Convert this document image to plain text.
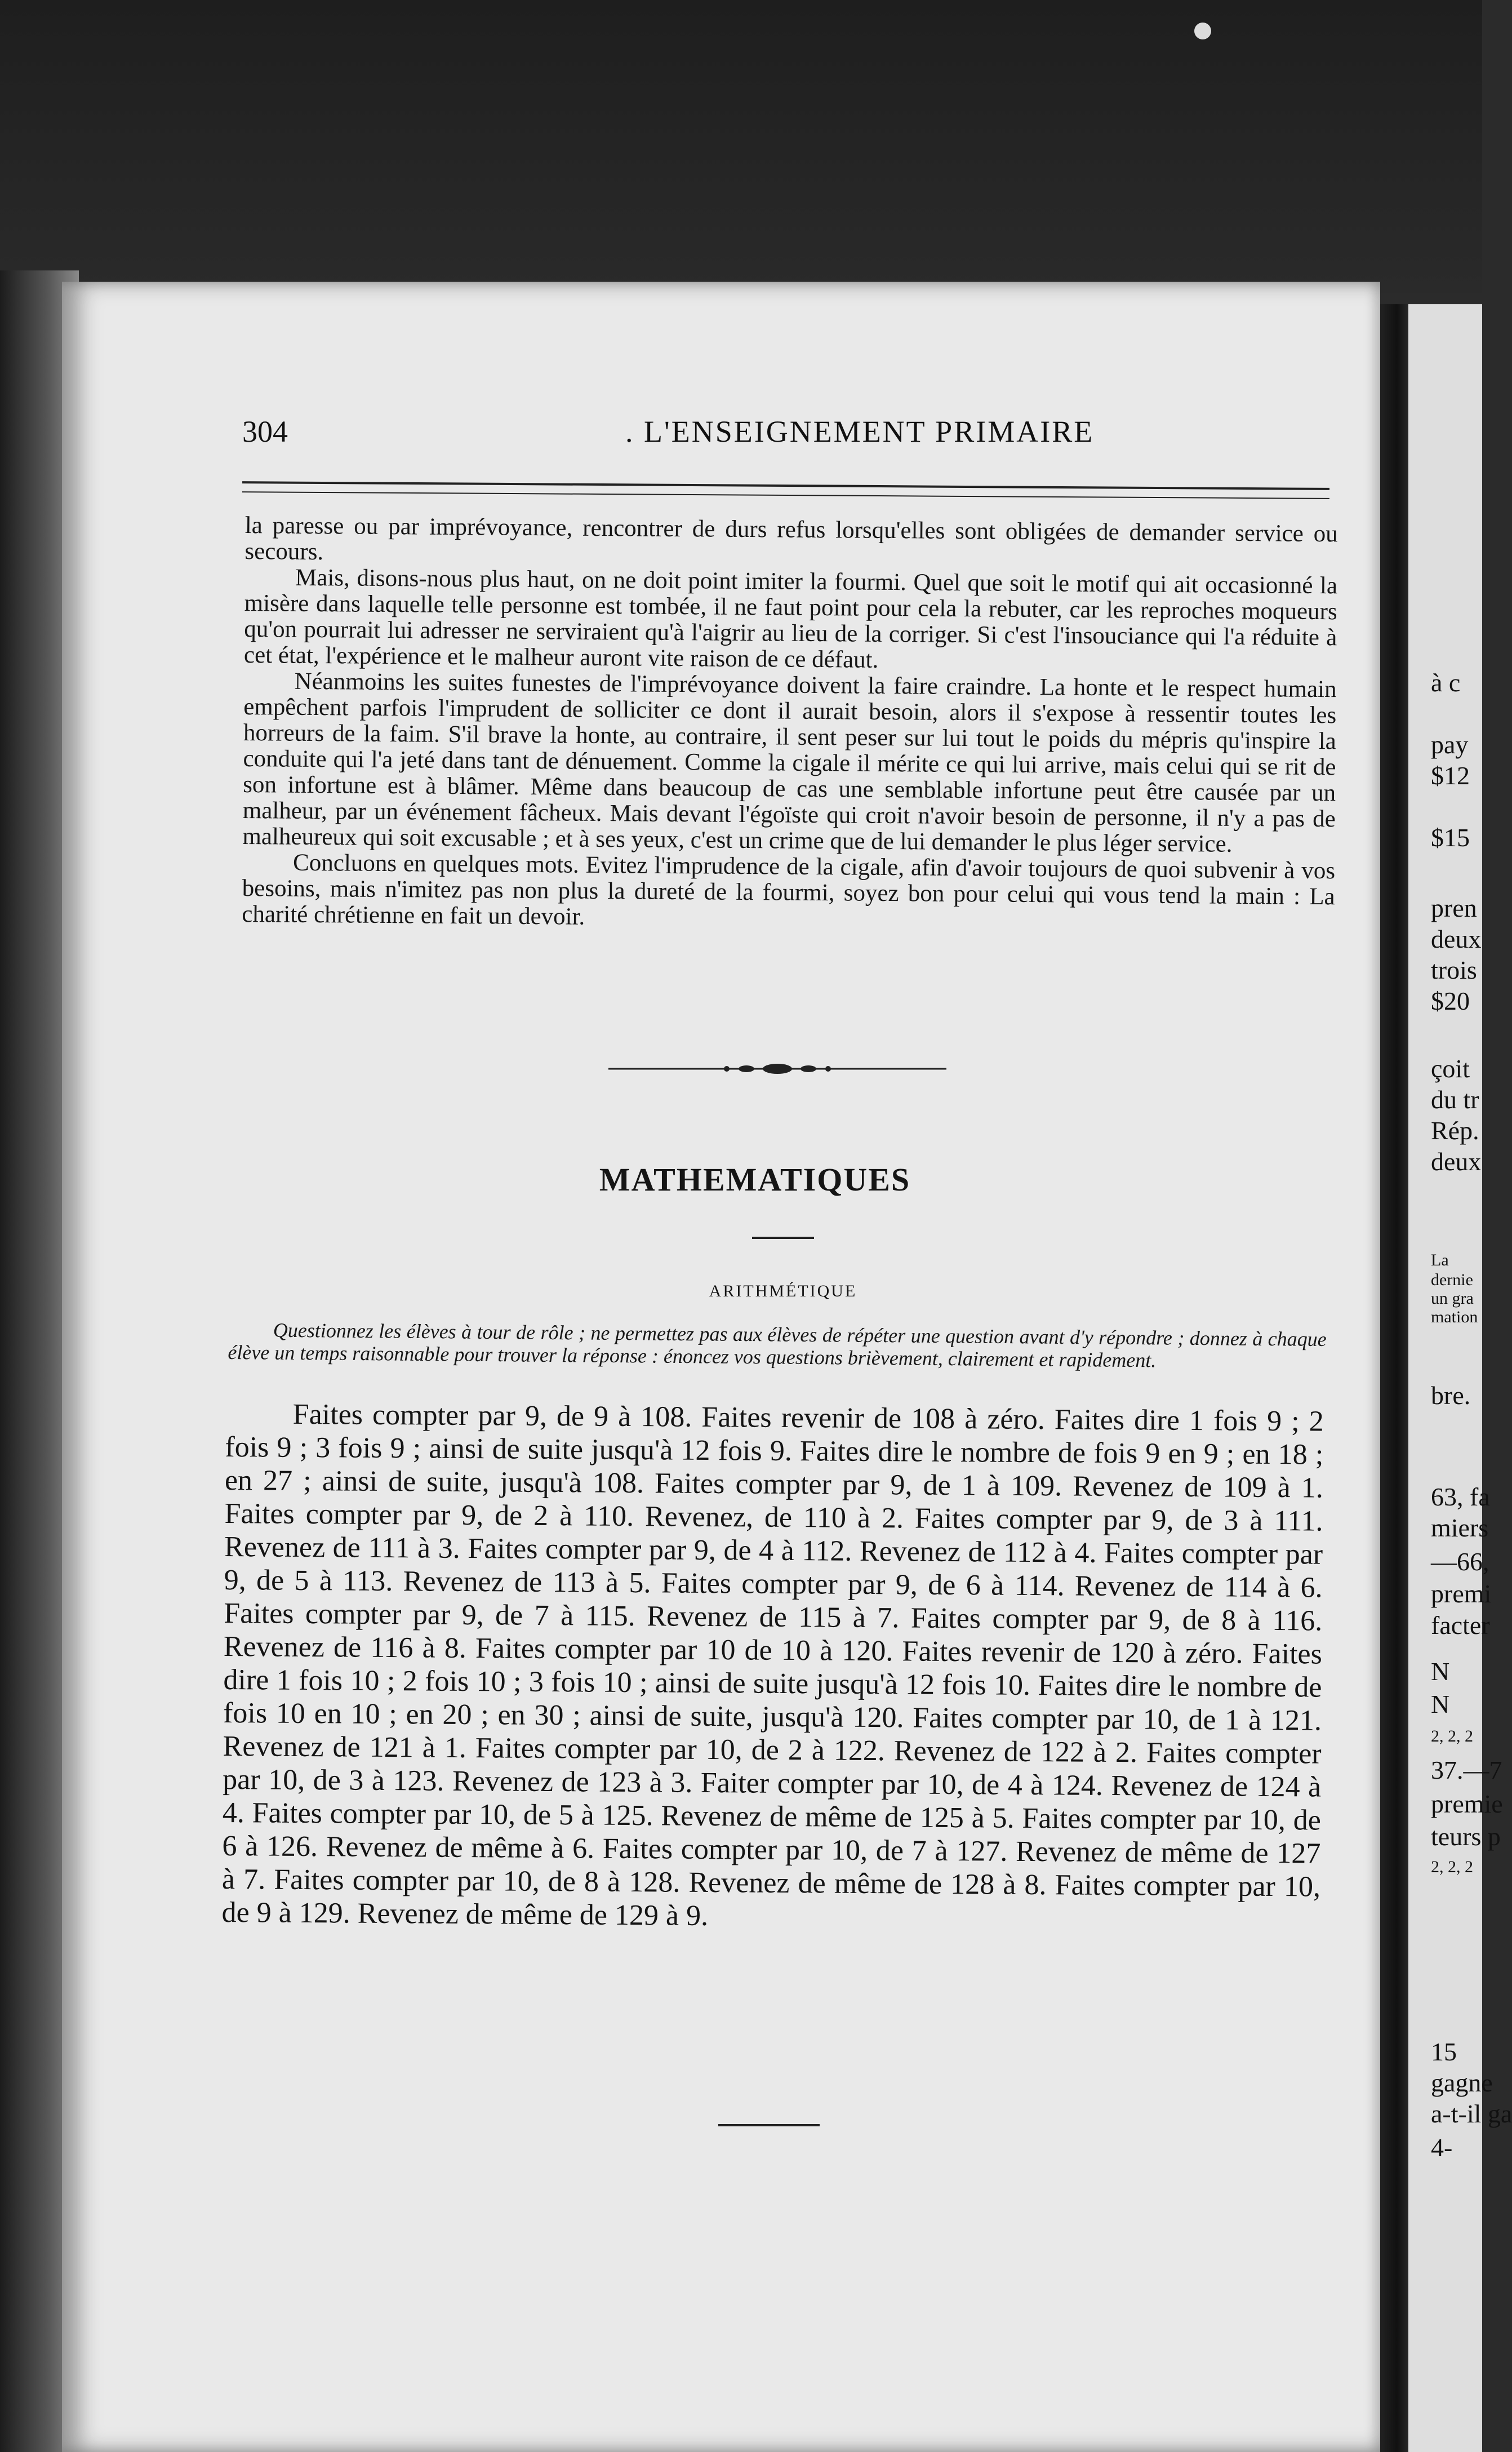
304	. L'ENSEIGNEMENT PRIMAIRE

la paresse ou par imprévoyance, rencontrer de durs refus lorsqu'elles sont obligées de demander service ou secours.

Mais, disons-nous plus haut, on ne doit point imiter la fourmi. Quel que soit le motif qui ait occasionné la misère dans laquelle telle personne est tombée, il ne faut point pour cela la rebuter, car les reproches moqueurs qu'on pourrait lui adresser ne serviraient qu'à l'aigrir au lieu de la corriger. Si c'est l'insouciance qui l'a réduite à cet état, l'expérience et le malheur auront vite raison de ce défaut.

Néanmoins les suites funestes de l'imprévoyance doivent la faire craindre. La honte et le respect humain empêchent parfois l'imprudent de solliciter ce dont il aurait besoin, alors il s'expose à ressentir toutes les horreurs de la faim. S'il brave la honte, au contraire, il sent peser sur lui tout le poids du mépris qu'inspire la conduite qui l'a jeté dans tant de dénuement. Comme la cigale il mérite ce qui lui arrive, mais celui qui se rit de son infortune est à blâmer. Même dans beaucoup de cas une semblable infortune peut être causée par un malheur, par un événement fâcheux. Mais devant l'égoïste qui croit n'avoir besoin de personne, il n'y a pas de malheureux qui soit excusable ; et à ses yeux, c'est un crime que de lui demander le plus léger service.

Concluons en quelques mots. Evitez l'imprudence de la cigale, afin d'avoir toujours de quoi subvenir à vos besoins, mais n'imitez pas non plus la dureté de la fourmi, soyez bon pour celui qui vous tend la main : La charité chrétienne en fait un devoir.

MATHEMATIQUES
ARITHMÉTIQUE

Questionnez les élèves à tour de rôle ; ne permettez pas aux élèves de répéter une question avant d'y répondre ; donnez à chaque élève un temps raisonnable pour trouver la réponse : énoncez vos questions brièvement, clairement et rapidement.

Faites compter par 9, de 9 à 108. Faites revenir de 108 à zéro. Faites dire 1 fois 9 ; 2 fois 9 ; 3 fois 9 ; ainsi de suite jusqu'à 12 fois 9. Faites dire le nombre de fois 9 en 9 ; en 18 ; en 27 ; ainsi de suite, jusqu'à 108. Faites compter par 9, de 1 à 109. Revenez de 109 à 1. Faites compter par 9, de 2 à 110. Revenez, de 110 à 2. Faites compter par 9, de 3 à 111. Revenez de 111 à 3. Faites compter par 9, de 4 à 112. Revenez de 112 à 4. Faites compter par 9, de 5 à 113. Revenez de 113 à 5. Faites compter par 9, de 6 à 114. Revenez de 114 à 6. Faites compter par 9, de 7 à 115. Revenez de 115 à 7. Faites compter par 9, de 8 à 116. Revenez de 116 à 8. Faites compter par 10 de 10 à 120. Faites revenir de 120 à zéro. Faites dire 1 fois 10 ; 2 fois 10 ; 3 fois 10 ; ainsi de suite jusqu'à 12 fois 10. Faites dire le nombre de fois 10 en 10 ; en 20 ; en 30 ; ainsi de suite, jusqu'à 120. Faites compter par 10, de 1 à 121. Revenez de 121 à 1. Faites compter par 10, de 2 à 122. Revenez de 122 à 2. Faites compter par 10, de 3 à 123. Revenez de 123 à 3. Faiter compter par 10, de 4 à 124. Revenez de 124 à 4. Faites compter par 10, de 5 à 125. Revenez de même de 125 à 5. Faites compter par 10, de 6 à 126. Revenez de même à 6. Faites compter par 10, de 7 à 127. Revenez de même de 127 à 7. Faites compter par 10, de 8 à 128. Revenez de même de 128 à 8. Faites compter par 10, de 9 à 129. Revenez de même de 129 à 9.

à c
pay
$12
$15
pren
deux
trois
$20
çoit
du tr
Rép.
deux
La
dernie
un gra
mation
bre.
63, fa
miers
—66,
premi
facter
N
N
2, 2, 2
37.—7
premie
teurs p
2, 2, 2
15
gagne
a-t-il ga
4-
